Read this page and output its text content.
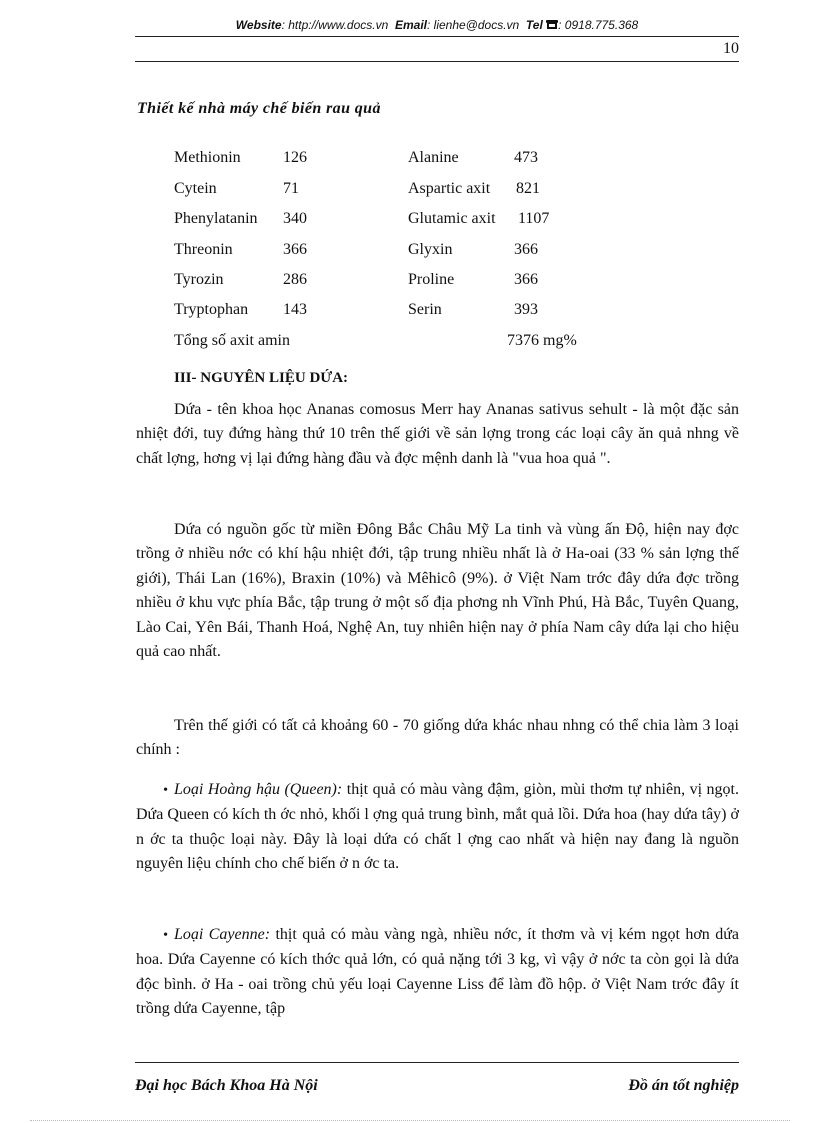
Website: http://www.docs.vn Email: lienhe@docs.vn Tel : 0918.775.368
10
Thiết kế nhà máy chế biến rau quả
Methionin	126	Alanine	473
Cytein	71	Aspartic axit 821
Phenylatanin 340	Glutamic axit 1107
Threonin	366	Glyxin	366
Tyrozin	286	Proline	366
Tryptophan 143	Serin	393
Tổng số axit amin	7376 mg%
III- NGUYÊN LIỆU DỨA:
Dứa - tên khoa học Ananas comosus Merr hay Ananas sativus sehult - là một đặc sản nhiệt đới, tuy đứng hàng thứ 10 trên thế giới về sản lợng trong các loại cây ăn quả nhng về chất lợng, hơng vị lại đứng hàng đầu và đợc mệnh danh là "vua hoa quả ".
Dứa có nguồn gốc từ miền Đông Bắc Châu Mỹ La tinh và vùng ấn Độ, hiện nay đợc trồng ở nhiều nớc có khí hậu nhiệt đới, tập trung nhiều nhất là ở Ha-oai (33 % sản lợng thế giới), Thái Lan (16%), Braxin (10%) và Mêhicô (9%). ở Việt Nam trớc đây dứa đợc trồng nhiều ở khu vực phía Bắc, tập trung ở một số địa phơng nh Vĩnh Phú, Hà Bắc, Tuyên Quang, Lào Cai, Yên Bái, Thanh Hoá, Nghệ An, tuy nhiên hiện nay ở phía Nam cây dứa lại cho hiệu quả cao nhất.
Trên thế giới có tất cả khoảng 60 - 70 giống dứa khác nhau nhng có thể chia làm 3 loại chính :
• Loại Hoàng hậu (Queen): thịt quả có màu vàng đậm, giòn, mùi thơm tự nhiên, vị ngọt. Dứa Queen có kích th ớc nhỏ, khối l ợng quả trung bình, mắt quả lồi. Dứa hoa (hay dứa tây) ở n ớc ta thuộc loại này. Đây là loại dứa có chất l ợng cao nhất và hiện nay đang là nguồn nguyên liệu chính cho chế biến ở n ớc ta.
• Loại Cayenne: thịt quả có màu vàng ngà, nhiều nớc, ít thơm và vị kém ngọt hơn dứa hoa. Dứa Cayenne có kích thớc quả lớn, có quả nặng tới 3 kg, vì vậy ở nớc ta còn gọi là dứa độc bình. ở Ha - oai trồng chủ yếu loại Cayenne Liss để làm đồ hộp. ở Việt Nam trớc đây ít trồng dứa Cayenne, tập
Đại học Bách Khoa Hà Nội	Đồ án tốt nghiệp
